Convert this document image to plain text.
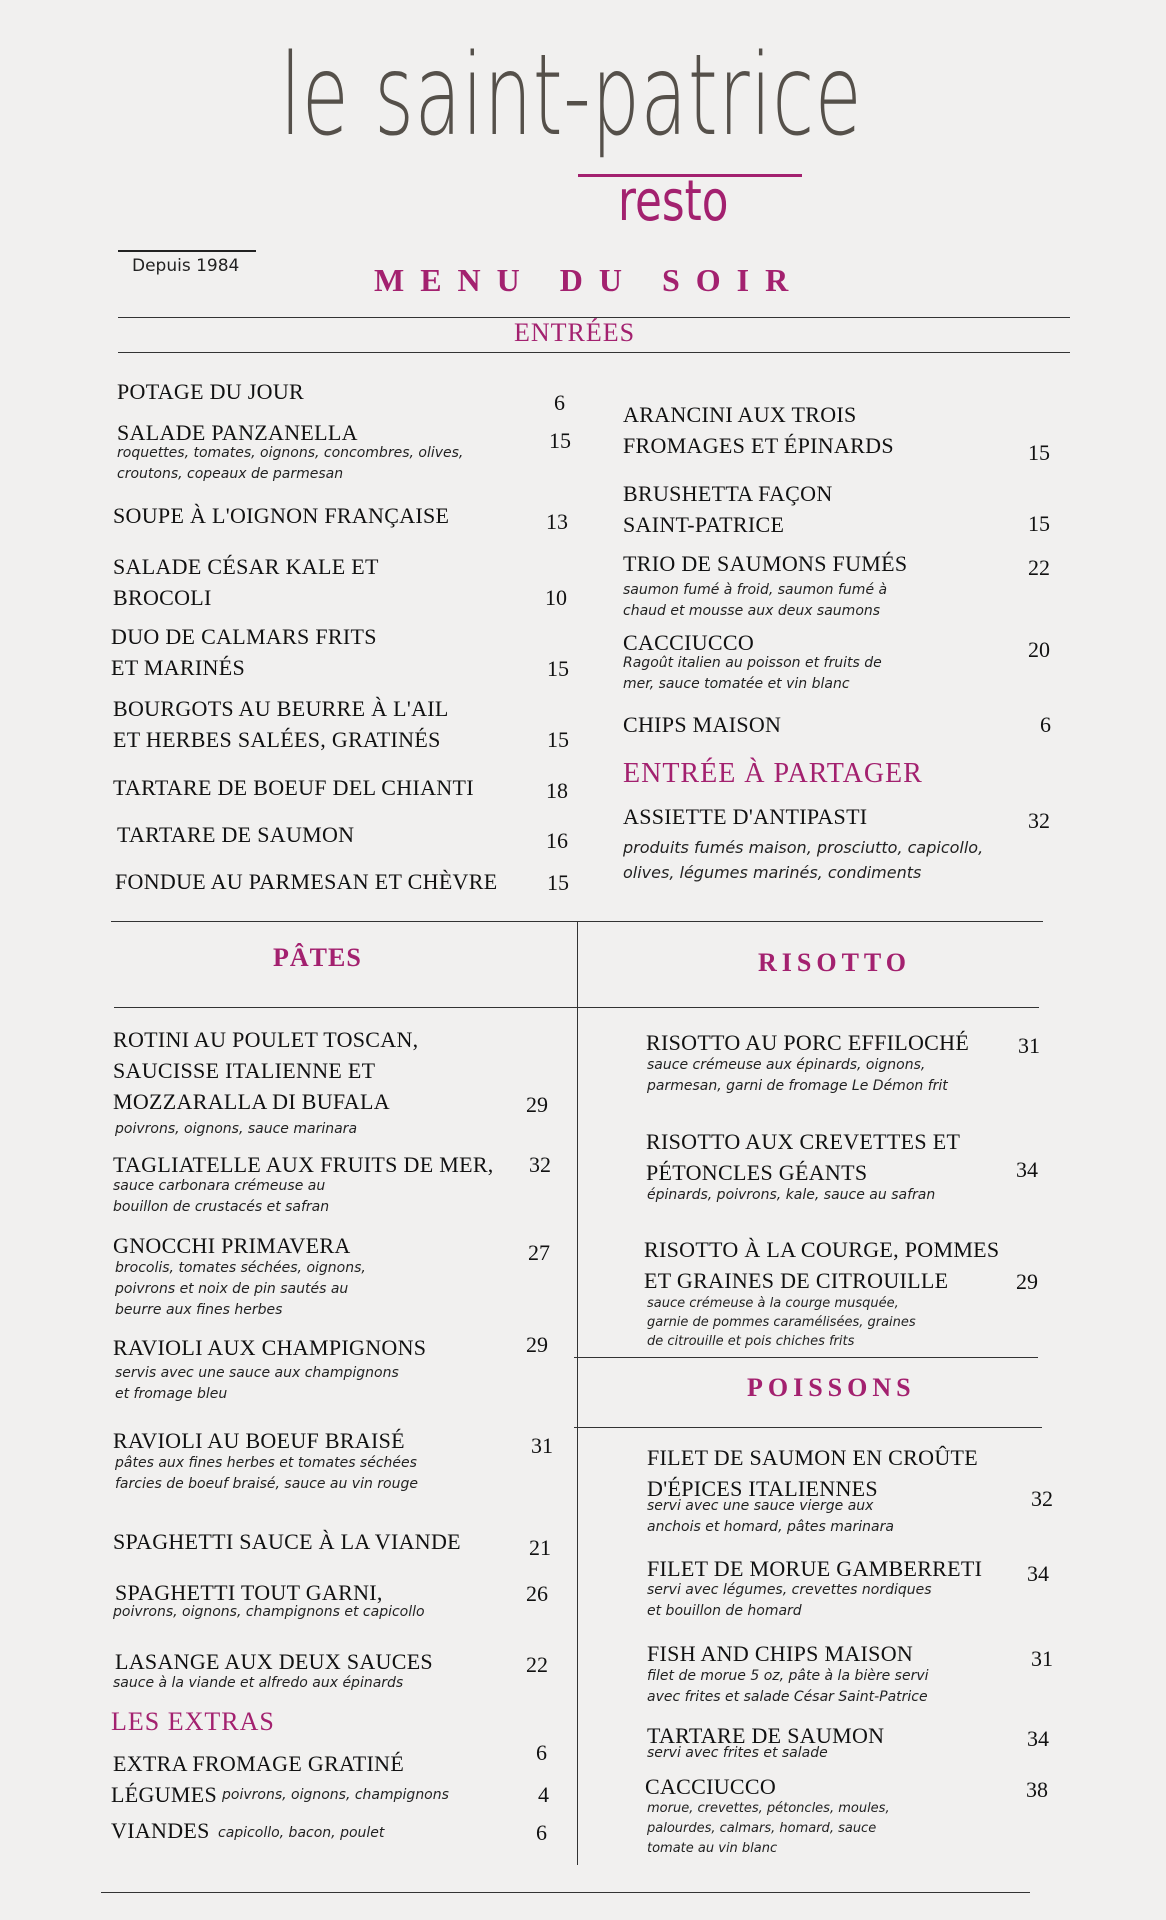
le saint-patrice
resto
Depuis 1984	MENU DU SOIR
ENTRÉES
POTAGE DU JOUR	6
SALADE PANZANELLA	15
roquettes, tomates, oignons, concombres, olives,
croutons, copeaux de parmesan
SOUPE À L'OIGNON FRANÇAISE	13
SALADE CÉSAR KALE ET
BROCOLI	10
DUO DE CALMARS FRITS
ET MARINÉS	15
BOURGOTS AU BEURRE À L'AIL
ET HERBES SALÉES, GRATINÉS	15
TARTARE DE BOEUF DEL CHIANTI	18
TARTARE DE SAUMON	16
FONDUE AU PARMESAN ET CHÈVRE 15
ARANCINI AUX TROIS
FROMAGES ET ÉPINARDS	15
BRUSHETTA FAÇON
SAINT-PATRICE	15
TRIO DE SAUMONS FUMÉS	22
saumon fumé à froid, saumon fumé à
chaud et mousse aux deux saumons
CACCIUCCO	20
Ragoût italien au poisson et fruits de
mer, sauce tomatée et vin blanc
CHIPS MAISON	6
ENTRÉE À PARTAGER
ASSIETTE D'ANTIPASTI	32
produits fumés maison, prosciutto, capicollo,
olives, légumes marinés, condiments
PÂTES
ROTINI AU POULET TOSCAN,
SAUCISSE ITALIENNE ET
MOZZARALLA DI BUFALA	29
poivrons, oignons, sauce marinara
TAGLIATELLE AUX FRUITS DE MER, 32
sauce carbonara crémeuse au
bouillon de crustacés et safran
GNOCCHI PRIMAVERA	27
brocolis, tomates séchées, oignons,
poivrons et noix de pin sautés au
beurre aux fines herbes
RAVIOLI AUX CHAMPIGNONS	29
servis avec une sauce aux champignons
et fromage bleu
RAVIOLI AU BOEUF BRAISÉ	31
pâtes aux fines herbes et tomates séchées
farcies de boeuf braisé, sauce au vin rouge
SPAGHETTI SAUCE À LA VIANDE	21
SPAGHETTI TOUT GARNI,	26
poivrons, oignons, champignons et capicollo
LASANGE AUX DEUX SAUCES	22
sauce à la viande et alfredo aux épinards
LES EXTRAS
EXTRA FROMAGE GRATINÉ	6
LÉGUMES poivrons, oignons, champignons	4
VIANDES capicollo, bacon, poulet	6
RISOTTO
RISOTTO AU PORC EFFILOCHÉ 31
sauce crémeuse aux épinards, oignons,
parmesan, garni de fromage Le Démon frit
RISOTTO AUX CREVETTES ET
PÉTONCLES GÉANTS	34
épinards, poivrons, kale, sauce au safran
RISOTTO À LA COURGE, POMMES
ET GRAINES DE CITROUILLE	29
sauce crémeuse à la courge musquée,
garnie de pommes caramélisées, graines
de citrouille et pois chiches frits
POISSONS
FILET DE SAUMON EN CROÛTE
D'ÉPICES ITALIENNES	32
servi avec une sauce vierge aux
anchois et homard, pâtes marinara
FILET DE MORUE GAMBERRETI 34
servi avec légumes, crevettes nordiques
et bouillon de homard
FISH AND CHIPS MAISON	31
filet de morue 5 oz, pâte à la bière servi
avec frites et salade César Saint-Patrice
TARTARE DE SAUMON	34
servi avec frites et salade
CACCIUCCO	38
morue, crevettes, pétoncles, moules,
palourdes, calmars, homard, sauce
tomate au vin blanc
